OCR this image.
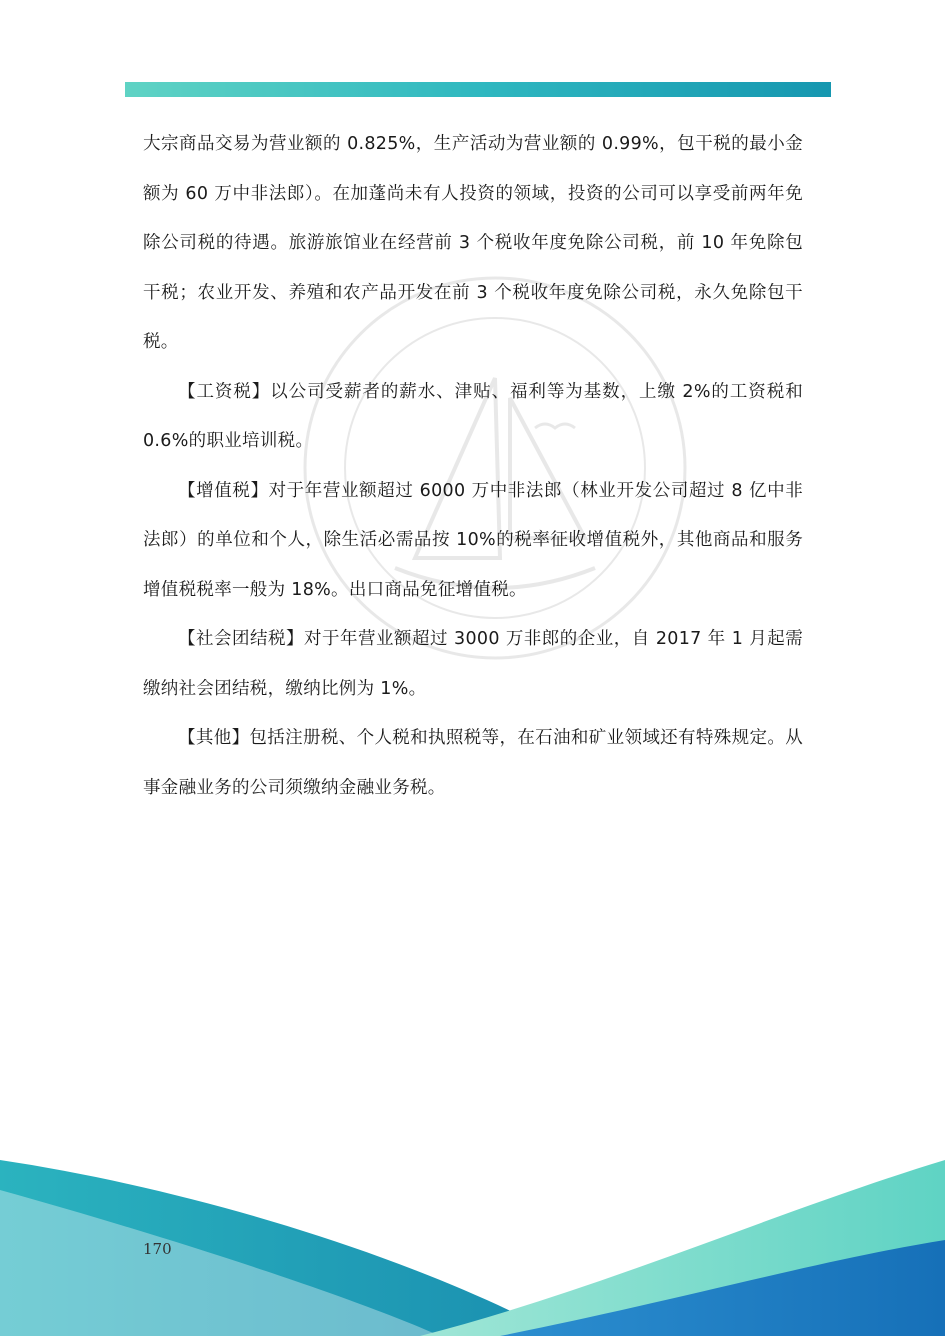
大宗商品交易为营业额的 0.825%，生产活动为营业额的 0.99%，包干税的最小金额为 60 万中非法郎）。在加蓬尚未有人投资的领域，投资的公司可以享受前两年免除公司税的待遇。旅游旅馆业在经营前 3 个税收年度免除公司税，前 10 年免除包干税；农业开发、养殖和农产品开发在前 3 个税收年度免除公司税，永久免除包干税。

【工资税】以公司受薪者的薪水、津贴、福利等为基数，上缴 2%的工资税和 0.6%的职业培训税。

【增值税】对于年营业额超过 6000 万中非法郎（林业开发公司超过 8 亿中非法郎）的单位和个人，除生活必需品按 10%的税率征收增值税外，其他商品和服务增值税税率一般为 18%。出口商品免征增值税。

【社会团结税】对于年营业额超过 3000 万非郎的企业，自 2017 年 1 月起需缴纳社会团结税，缴纳比例为 1%。

【其他】包括注册税、个人税和执照税等，在石油和矿业领域还有特殊规定。从事金融业务的公司须缴纳金融业务税。

170
